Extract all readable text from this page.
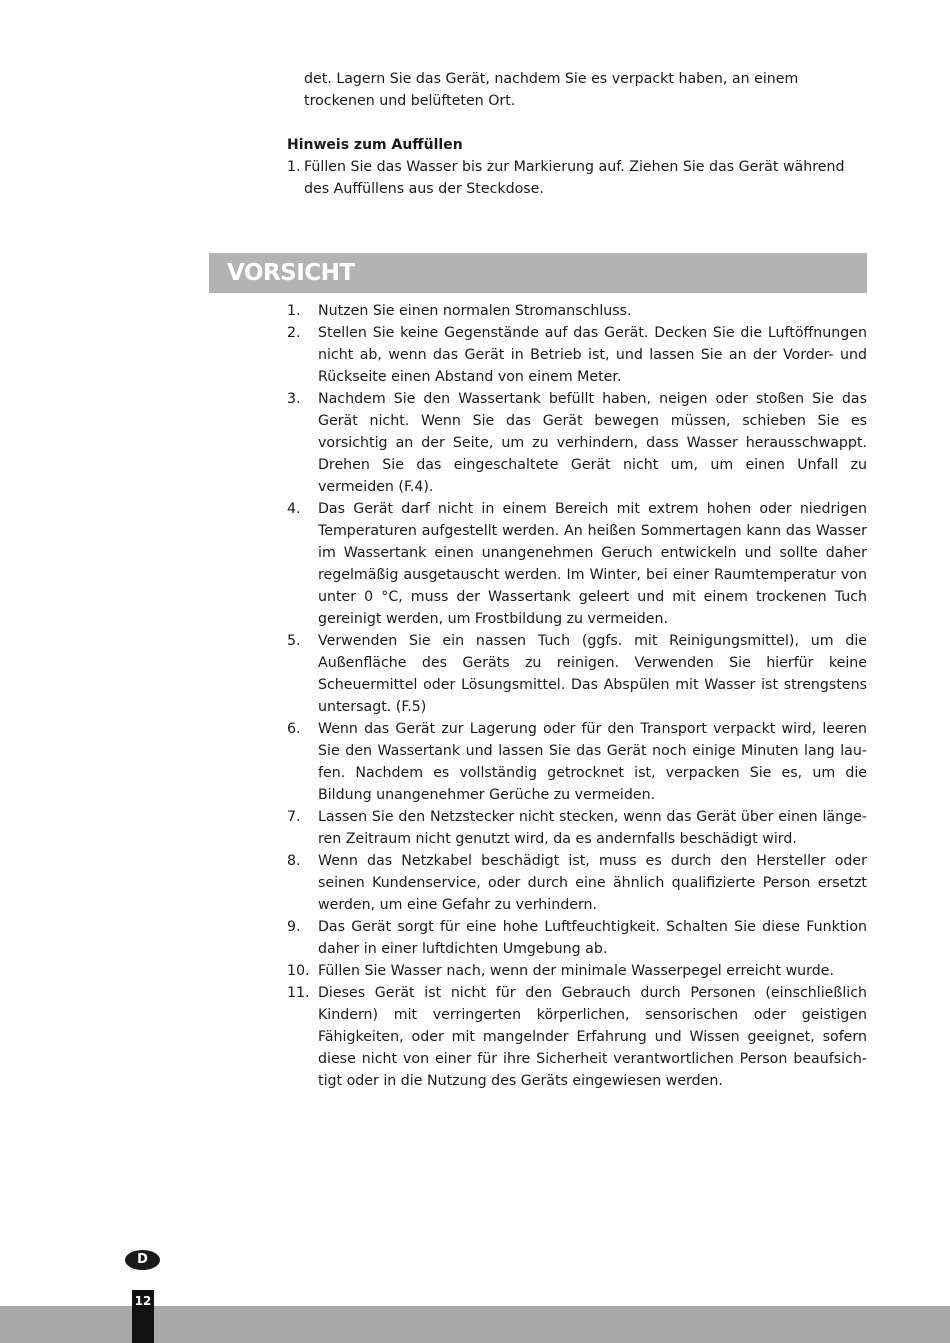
det. Lagern Sie das Gerät, nachdem Sie es verpackt haben, an einem trockenen und belüfteten Ort.

Hinweis zum Auffüllen
1. Füllen Sie das Wasser bis zur Markierung auf. Ziehen Sie das Gerät während des Auffüllens aus der Steckdose.
VORSICHT
1.	Nutzen Sie einen normalen Stromanschluss.
2.	Stellen Sie keine Gegenstände auf das Gerät. Decken Sie die Luftöffnungen nicht ab, wenn das Gerät in Betrieb ist, und lassen Sie an der Vorder- und Rückseite einen Abstand von einem Meter.
3.	Nachdem Sie den Wassertank befüllt haben, neigen oder stoßen Sie das Gerät nicht. Wenn Sie das Gerät bewegen müssen, schieben Sie es vorsichtig an der Seite, um zu verhindern, dass Wasser herausschwappt. Drehen Sie das eingeschaltete Gerät nicht um, um einen Unfall zu vermeiden (F.4).
4.	Das Gerät darf nicht in einem Bereich mit extrem hohen oder niedrigen Temperaturen aufgestellt werden. An heißen Sommertagen kann das Wasser im Wassertank einen unangenehmen Geruch entwickeln und sollte daher regelmäßig ausgetauscht werden. Im Winter, bei einer Raumtemperatur von unter 0 °C, muss der Wassertank geleert und mit einem trockenen Tuch gereinigt werden, um Frostbildung zu vermeiden.
5.	Verwenden Sie ein nassen Tuch (ggfs. mit Reinigungsmittel), um die Außenfläche des Geräts zu reinigen. Verwenden Sie hierfür keine Scheuermittel oder Lösungsmittel. Das Abspülen mit Wasser ist strengstens untersagt. (F.5)
6.	Wenn das Gerät zur Lagerung oder für den Transport verpackt wird, leeren Sie den Wassertank und lassen Sie das Gerät noch einige Minuten lang laufen. Nachdem es vollständig getrocknet ist, verpacken Sie es, um die Bildung unangenehmer Gerüche zu vermeiden.
7.	Lassen Sie den Netzstecker nicht stecken, wenn das Gerät über einen längeren Zeitraum nicht genutzt wird, da es andernfalls beschädigt wird.
8.	Wenn das Netzkabel beschädigt ist, muss es durch den Hersteller oder seinen Kundenservice, oder durch eine ähnlich qualifizierte Person ersetzt werden, um eine Gefahr zu verhindern.
9.	Das Gerät sorgt für eine hohe Luftfeuchtigkeit. Schalten Sie diese Funktion daher in einer luftdichten Umgebung ab.
10. Füllen Sie Wasser nach, wenn der minimale Wasserpegel erreicht wurde.
11. Dieses Gerät ist nicht für den Gebrauch durch Personen (einschließlich Kindern) mit verringerten körperlichen, sensorischen oder geistigen Fähigkeiten, oder mit mangelnder Erfahrung und Wissen geeignet, sofern diese nicht von einer für ihre Sicherheit verantwortlichen Person beaufsichtigt oder in die Nutzung des Geräts eingewiesen werden.
D
12
